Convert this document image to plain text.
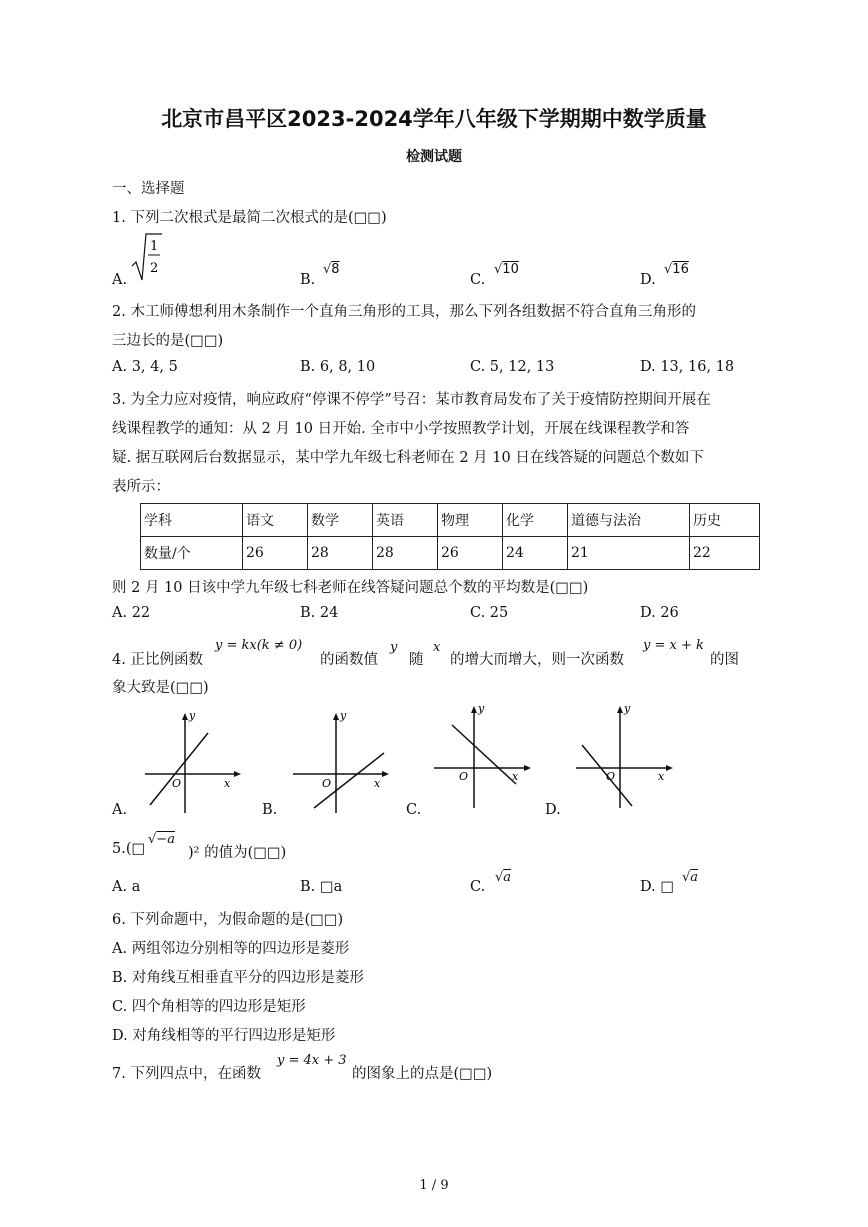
北京市昌平区2023-2024学年八年级下学期期中数学质量
检测试题
一、选择题
1. 下列二次根式是最简二次根式的是(□□)
A.
1
2
B.
√8
C.
√10
D.
√16
2. 木工师傅想利用木条制作一个直角三角形的工具，那么下列各组数据不符合直角三角形的
三边长的是(□□)
A. 3, 4, 5	B. 6, 8, 10	C. 5, 12, 13	D. 13, 16, 18
3. 为全力应对疫情，响应政府“停课不停学”号召：某市教育局发布了关于疫情防控期间开展在
线课程教学的通知：从 2 月 10 日开始. 全市中小学按照教学计划，开展在线课程教学和答
疑. 据互联网后台数据显示，某中学九年级七科老师在 2 月 10 日在线答疑的问题总个数如下
表所示：
学科	语文	数学	英语	物理	化学	道德与法治	历史
数量/个	26	28	28	26	24	21	22
则 2 月 10 日该中学九年级七科老师在线答疑问题总个数的平均数是(□□)
A. 22	B. 24	C. 25	D. 26
4. 正比例函数
y = kx(k ≠ 0)
的函数值
y
随
x
的增大而增大，则一次函数
y = x + k
的图
象大致是(□□)
A.
y
x
O
B.
y
x
O
C.
y
x
O
D.
y
x
O
5.(□
√−a
)² 的值为(□□)
A. a	B. □a	C.
√a
D. □
√a
6. 下列命题中，为假命题的是(□□)
A. 两组邻边分别相等的四边形是菱形
B. 对角线互相垂直平分的四边形是菱形
C. 四个角相等的四边形是矩形
D. 对角线相等的平行四边形是矩形
7. 下列四点中，在函数
y = 4x + 3
的图象上的点是(□□)
1 / 9
